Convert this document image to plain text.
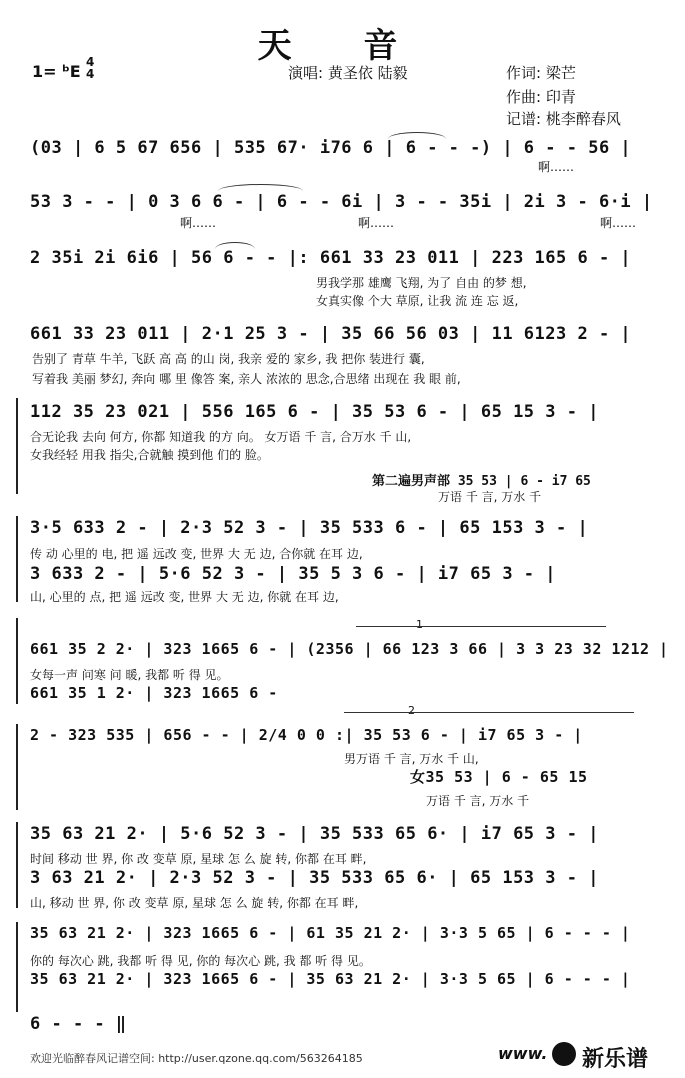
天 音
1= ᵇE 4
4	演唱: 黄圣依 陆毅	作词: 梁芒
作曲: 印青
记谱: 桃李醉春风
(03 | 6 5 67 656 | 535 67· i76 6 | 6 - - -) | 6 - - 56 |
啊……
53 3 - - | 0 3 6 6 - | 6 - - 6i | 3 - - 35i | 2i 3 - 6·i |
啊……	啊……	啊……
2 35i 2i 6i6 | 56 6 - - |: 661 33 23 011 | 223 165 6 - |
男我学那 雄鹰 飞翔, 为了 自由 的梦 想,
女真实像 个大 草原, 让我 流 连 忘 返,
661 33 23 011 | 2·1 25 3 - | 35 66 56 03 | 11 6123 2 - |
告别了 青草 牛羊, 飞跃 高 高 的山 岗, 我亲 爱的 家乡, 我 把你 装进行 囊,
写着我 美丽 梦幻, 奔向 哪 里 像答 案, 亲人 浓浓的 思念,合思绪 出现在 我 眼 前,
112 35 23 021 | 556 165 6 - | 35 53 6 - | 65 15 3 - |
合无论我 去向 何方, 你都 知道我 的方 向。 女万语 千 言, 合万水 千 山,
女我经轻 用我 指尖,合就触 摸到他 们的 脸。
第二遍男声部 35 53 | 6 - i7 65
万语 千 言, 万水 千
3·5 633 2 - | 2·3 52 3 - | 35 533 6 - | 65 153 3 - |
传 动 心里的 电, 把 遥 远改 变, 世界 大 无 边, 合你就 在耳 边,
3 633 2 - | 5·6 52 3 - | 35 5 3 6 - | i7 65 3 - |
山, 心里的 点, 把 遥 远改 变, 世界 大 无 边, 你就 在耳 边,
661 35 2 2· | 323 1665 6 - | (2356 | 66 123 3 66 | 3 3 23 32 1212 |
1
女每一声 问寒 问 暖, 我都 听 得 见。
661 35 1 2· | 323 1665 6 -
2 - 323 535 | 656 - - | 2/4 0 0 :| 35 53 6 - | i7 65 3 - |
2
男万语 千 言, 万水 千 山,
女35 53 | 6 - 65 15
万语 千 言, 万水 千
35 63 21 2· | 5·6 52 3 - | 35 533 65 6· | i7 65 3 - |
时间 移动 世 界, 你 改 变草 原, 星球 怎 么 旋 转, 你都 在耳 畔,
3 63 21 2· | 2·3 52 3 - | 35 533 65 6· | 65 153 3 - |
山, 移动 世 界, 你 改 变草 原, 星球 怎 么 旋 转, 你都 在耳 畔,
35 63 21 2· | 323 1665 6 - | 61 35 21 2· | 3·3 5 65 | 6 - - - |
你的 每次心 跳, 我都 听 得 见, 你的 每次心 跳, 我 都 听 得 见。
35 63 21 2· | 323 1665 6 - | 35 63 21 2· | 3·3 5 65 | 6 - - - |
6 - - - ‖
欢迎光临醉春风记谱空间: http://user.qzone.qq.com/563264185	www. 新乐谱
